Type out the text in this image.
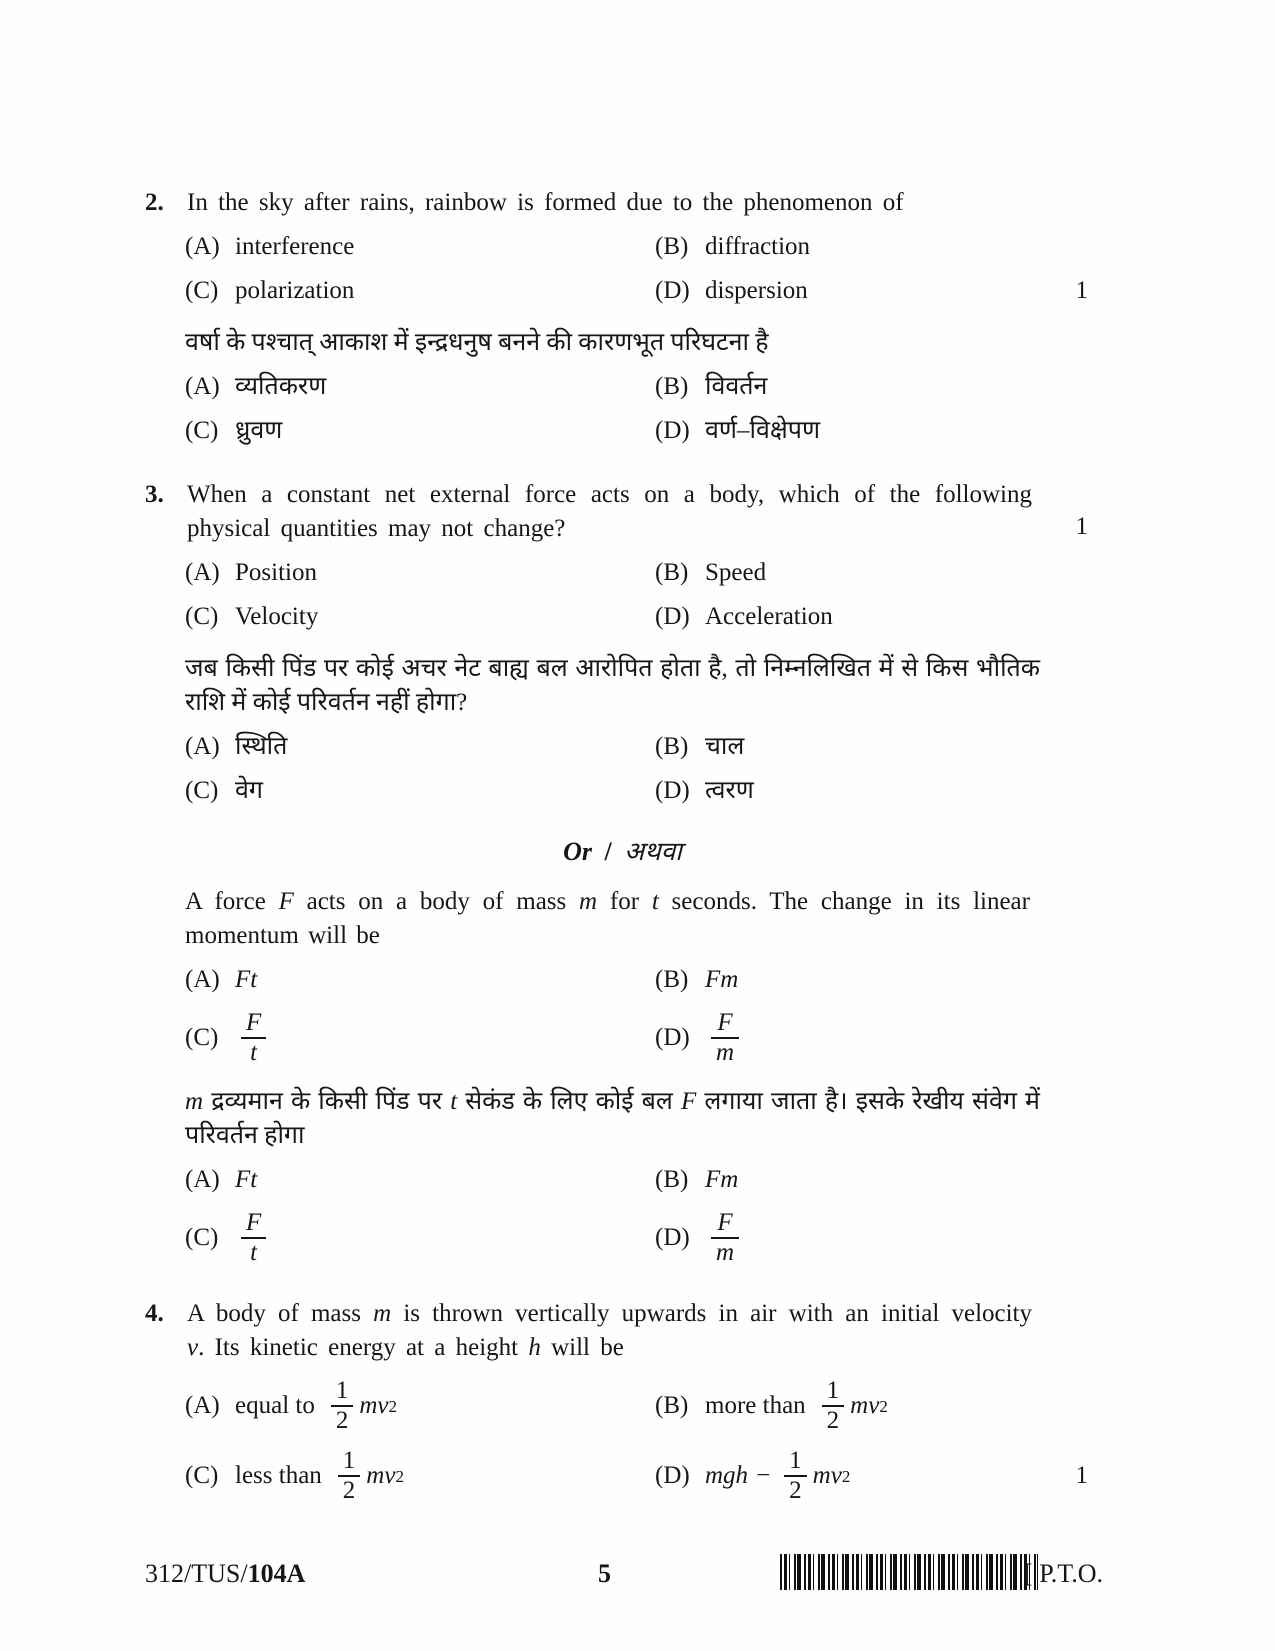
2. In the sky after rains, rainbow is formed due to the phenomenon of

(A) interference	(B) diffraction
(C) polarization	(D) dispersion	1

वर्षा के पश्चात् आकाश में इन्द्रधनुष बनने की कारणभूत परिघटना है

(A) व्यतिकरण	(B) विवर्तन
(C) ध्रुवण	(D) वर्ण–विक्षेपण
3. When a constant net external force acts on a body, which of the following physical quantities may not change?	1
(A) Position	(B) Speed
(C) Velocity	(D) Acceleration

जब किसी पिंड पर कोई अचर नेट बाह्य बल आरोपित होता है, तो निम्नलिखित में से किस भौतिक राशि में कोई परिवर्तन नहीं होगा?

(A) स्थिति	(B) चाल
(C) वेग	(D) त्वरण
Or / अथवा

A force F acts on a body of mass m for t seconds. The change in its linear momentum will be

(A) Ft	(B) Fm
$(C) \frac{F}{t}$	$(D) \frac{F}{m}$

m द्रव्यमान के किसी पिंड पर t सेकंड के लिए कोई बल F लगाया जाता है। इसके रेखीय संवेग में परिवर्तन होगा

(A) Ft	(B) Fm
$(C) \frac{F}{t}$	$(D) \frac{F}{m}$
4. A body of mass m is thrown vertically upwards in air with an initial velocity v. Its kinetic energy at a height h will be

(A) equal to $\frac{1}{2}$ mv 2	(B) more than $\frac{1}{2}$ mv 2
(C) less than $\frac{1}{2}$ mv 2	(D) mgh − $\frac{1}{2}$ mv 2	1
312/TUS/104A	5	[ P.T.O.
